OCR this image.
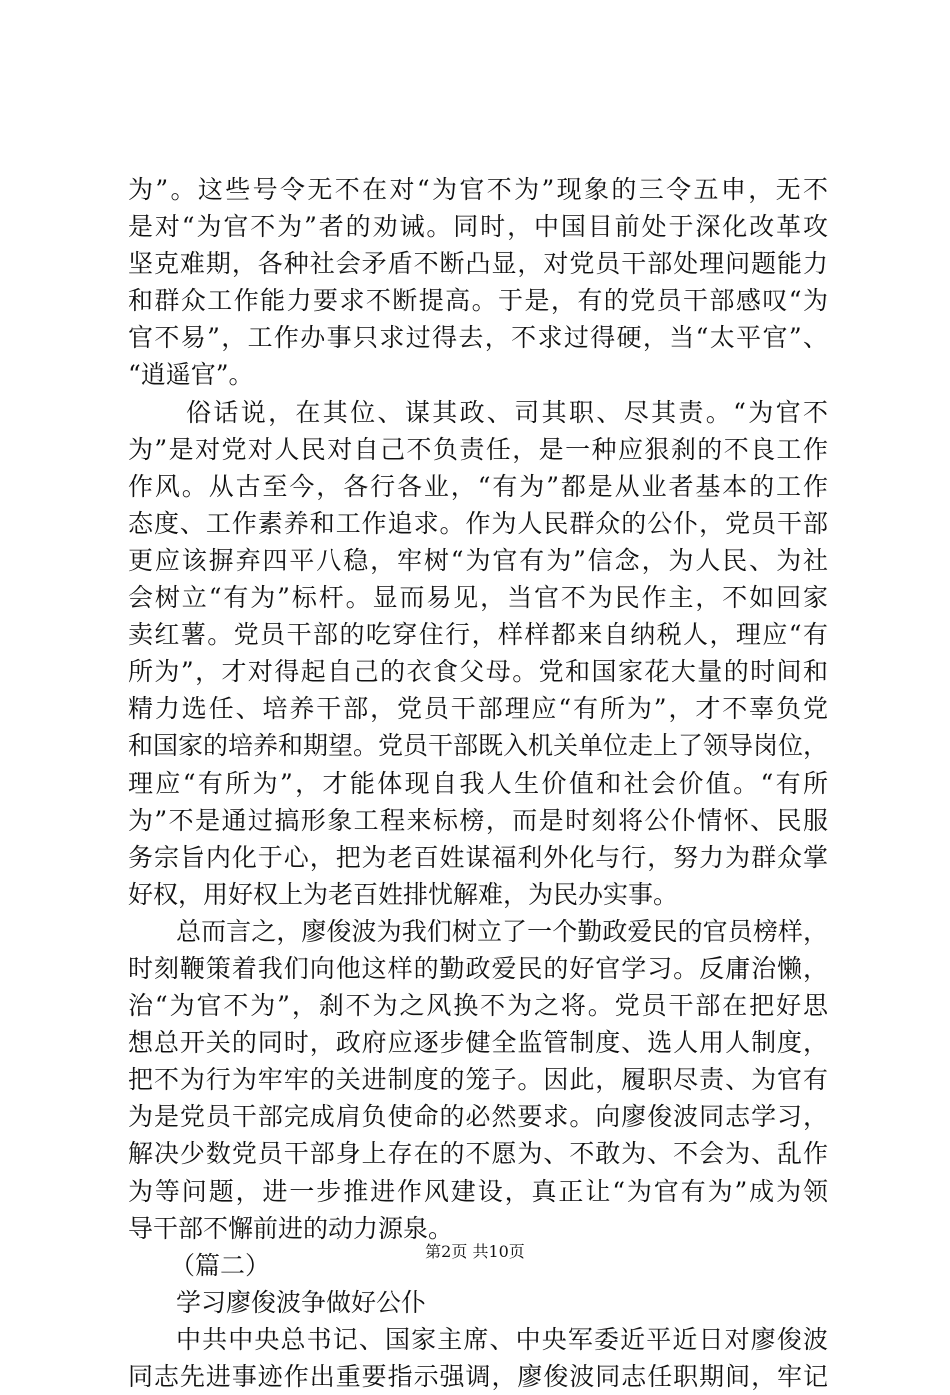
为”。这些号令无不在对“为官不为”现象的三令五申，无不
是对“为官不为”者的劝诫。同时，中国目前处于深化改革攻
坚克难期，各种社会矛盾不断凸显，对党员干部处理问题能力
和群众工作能力要求不断提高。于是，有的党员干部感叹“为
官不易”，工作办事只求过得去，不求过得硬，当“太平官”、
“逍遥官”。
俗话说，在其位、谋其政、司其职、尽其责。“为官不
为”是对党对人民对自己不负责任，是一种应狠刹的不良工作
作风。从古至今，各行各业，“有为”都是从业者基本的工作
态度、工作素养和工作追求。作为人民群众的公仆，党员干部
更应该摒弃四平八稳，牢树“为官有为”信念，为人民、为社
会树立“有为”标杆。显而易见，当官不为民作主，不如回家
卖红薯。党员干部的吃穿住行，样样都来自纳税人，理应“有
所为”，才对得起自己的衣食父母。党和国家花大量的时间和
精力选任、培养干部，党员干部理应“有所为”，才不辜负党
和国家的培养和期望。党员干部既入机关单位走上了领导岗位，
理应“有所为”，才能体现自我人生价值和社会价值。“有所
为”不是通过搞形象工程来标榜，而是时刻将公仆情怀、民服
务宗旨内化于心，把为老百姓谋福利外化与行，努力为群众掌
好权，用好权上为老百姓排忧解难，为民办实事。
总而言之，廖俊波为我们树立了一个勤政爱民的官员榜样，
时刻鞭策着我们向他这样的勤政爱民的好官学习。反庸治懒，
治“为官不为”，刹不为之风换不为之将。党员干部在把好思
想总开关的同时，政府应逐步健全监管制度、选人用人制度，
把不为行为牢牢的关进制度的笼子。因此，履职尽责、为官有
为是党员干部完成肩负使命的必然要求。向廖俊波同志学习，
解决少数党员干部身上存在的不愿为、不敢为、不会为、乱作
为等问题，进一步推进作风建设，真正让“为官有为”成为领
导干部不懈前进的动力源泉。
（篇二）
学习廖俊波争做好公仆
中共中央总书记、国家主席、中央军委近平近日对廖俊波
同志先进事迹作出重要指示强调，廖俊波同志任职期间，牢记
第2页 共10页
